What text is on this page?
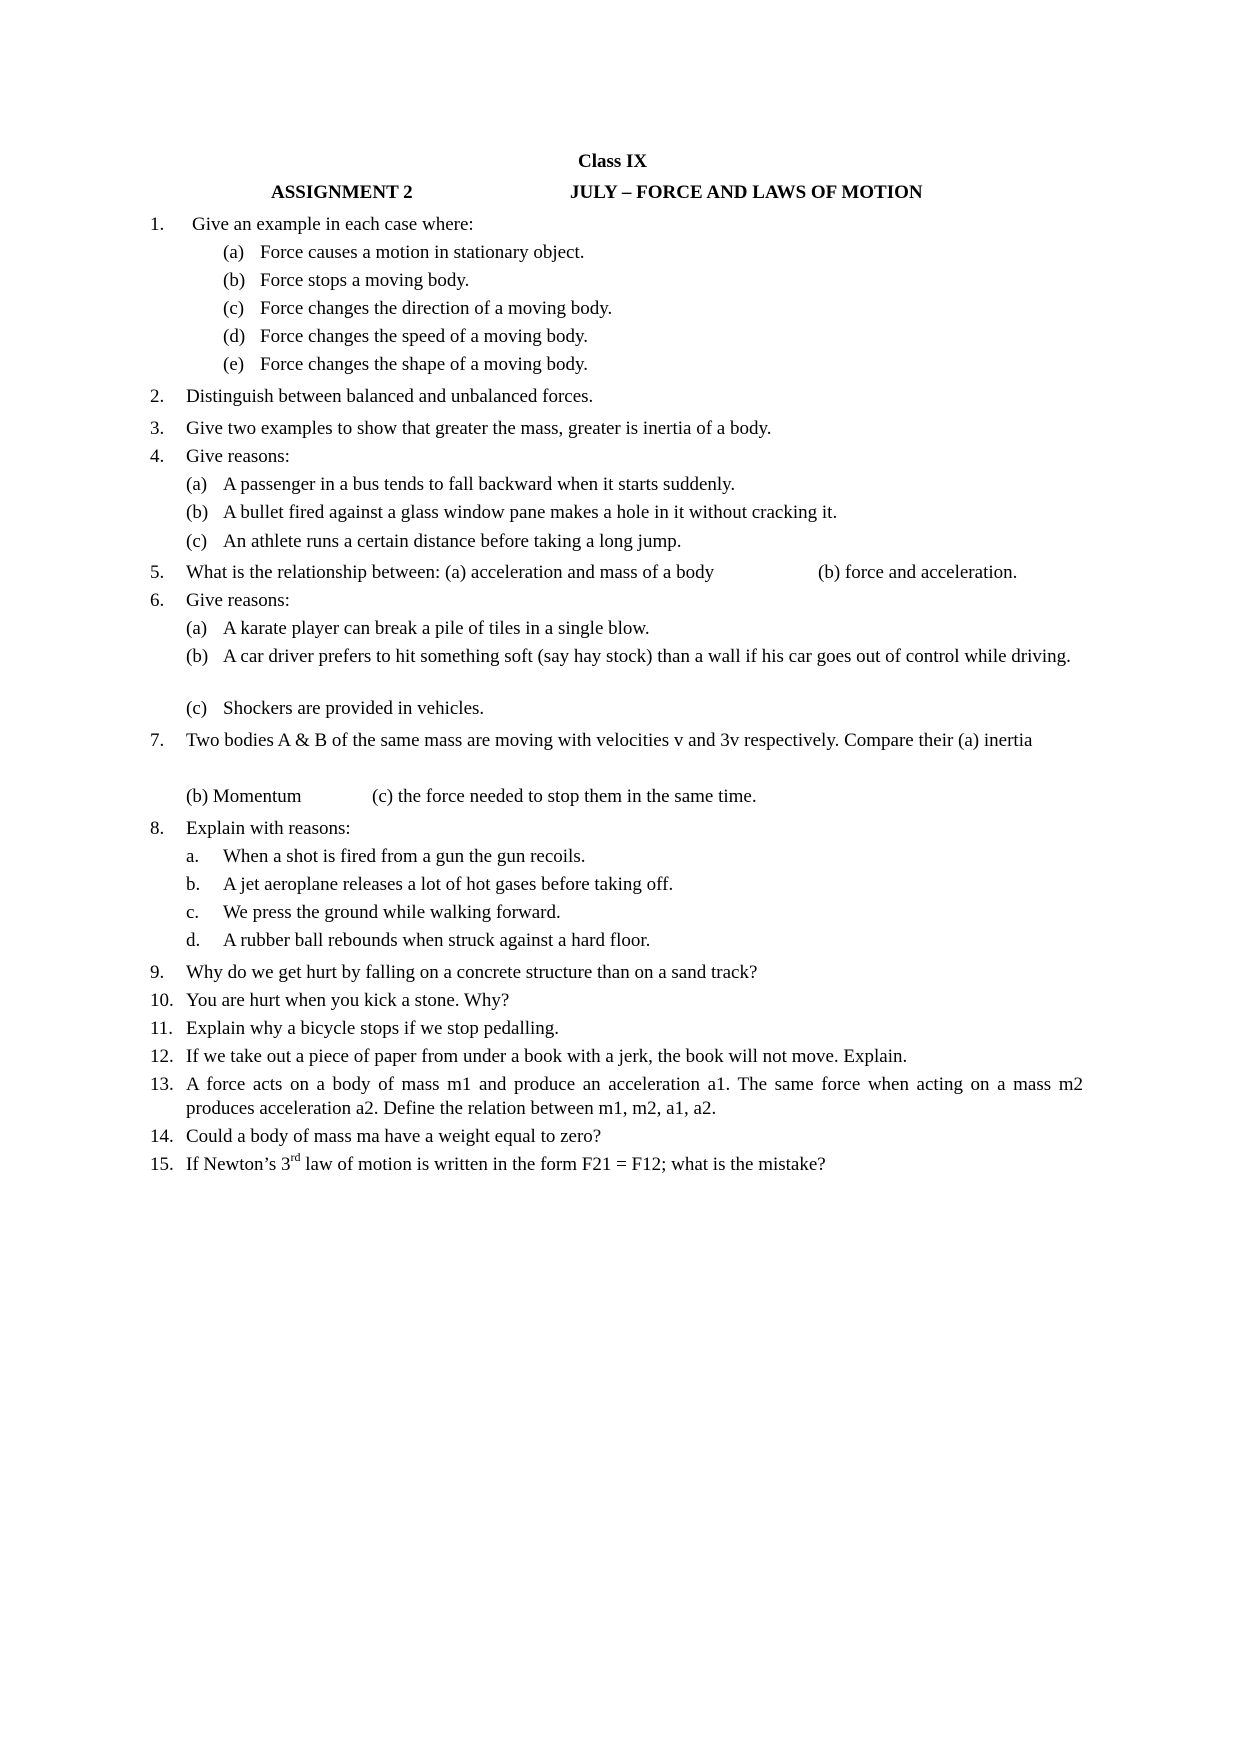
Class IX
ASSIGNMENT 2	JULY – FORCE AND LAWS OF MOTION
1. Give an example in each case where:
(a) Force causes a motion in stationary object.
(b) Force stops a moving body.
(c) Force changes the direction of a moving body.
(d) Force changes the speed of a moving body.
(e) Force changes the shape of a moving body.
2. Distinguish between balanced and unbalanced forces.
3. Give two examples to show that greater the mass, greater is inertia of a body.
4. Give reasons:
(a) A passenger in a bus tends to fall backward when it starts suddenly.
(b) A bullet fired against a glass window pane makes a hole in it without cracking it.
(c) An athlete runs a certain distance before taking a long jump.
5. What is the relationship between: (a) acceleration and mass of a body	(b) force and acceleration.
6. Give reasons:
(a) A karate player can break a pile of tiles in a single blow.
(b) A car driver prefers to hit something soft (say hay stock) than a wall if his car goes out of control while driving.
(c) Shockers are provided in vehicles.
7. Two bodies A & B of the same mass are moving with velocities v and 3v respectively. Compare their (a) inertia
(b) Momentum	(c) the force needed to stop them in the same time.
8. Explain with reasons:
a. When a shot is fired from a gun the gun recoils.
b. A jet aeroplane releases a lot of hot gases before taking off.
c. We press the ground while walking forward.
d. A rubber ball rebounds when struck against a hard floor.
9. Why do we get hurt by falling on a concrete structure than on a sand track?
10. You are hurt when you kick a stone. Why?
11. Explain why a bicycle stops if we stop pedalling.
12. If we take out a piece of paper from under a book with a jerk, the book will not move. Explain.
13. A force acts on a body of mass m1 and produce an acceleration a1. The same force when acting on a mass m2 produces acceleration a2. Define the relation between m1, m2, a1, a2.
14. Could a body of mass ma have a weight equal to zero?
15. If Newton’s 3rd law of motion is written in the form F21 = F12; what is the mistake?
